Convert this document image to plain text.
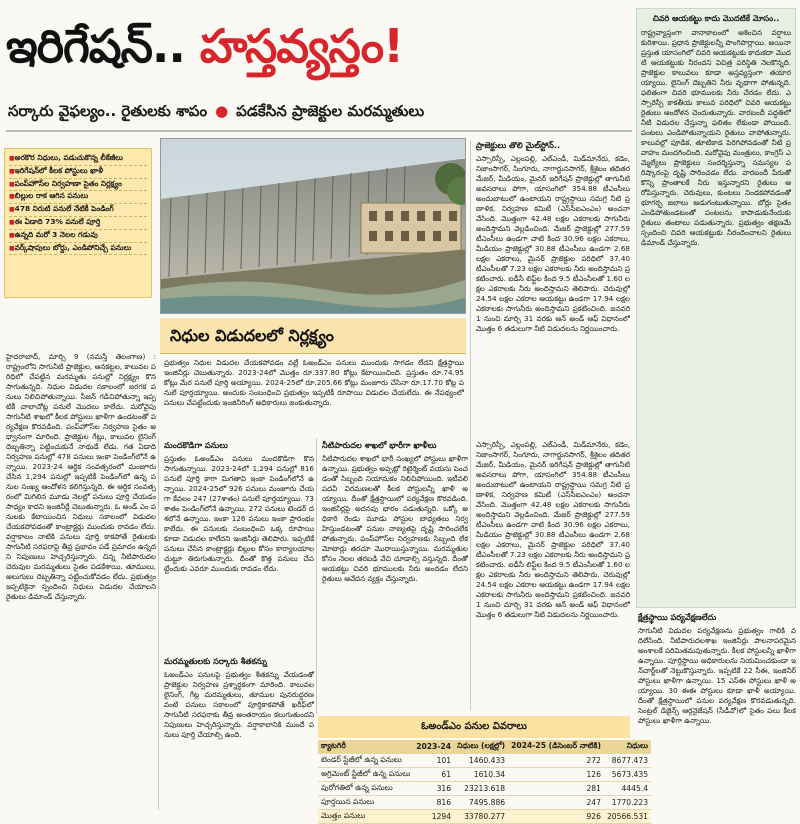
ఇరిగేషన్‌.. హస్తవ్యస్తం!
సర్కారు వైఫల్యం.. రైతులకు శాపం ● పడకేసిన ప్రాజెక్టుల మరమ్మతులు
■ అరకొర నిధులు, పడుచుకొన్న లీకేజీలు
■ ఇరిగేషన్‌లో కీలక పోస్టులు ఖాళీ
■ పంప్‌హౌస్‌ల నిర్వహణా సైతం నిర్లక్ష్యం
■ బిల్లుల రాక ఆగిన పనులు
■ 478 నిరుటి పనులే నేటికీ పెండింగ్‌
■ ఈ ఏడాది 73% పనులే పూర్తి
■ ఉన్నది మరో 3 నెలల గడువు
■ వర్క్‌షాపులు బోర్డు, ఎండిపోనిచ్చే పనులు
నిధుల విడుదలలో నిర్లక్ష్యం
హైదరాబాద్‌, మార్చి 9 (నమస్తే తెలంగాణ) : రాష్ట్రంలోని సాగునీటి ప్రాజెక్టుల, ఆనకట్టల, కాలువల పరిధిలో చేపట్టిన మరమ్మతు పనుల్లో నిర్లక్ష్యం కొనసాగుతున్నది. నిధుల విడుదల సకాలంలో జరగక పనులు నిలిచిపోతున్నాయి. సీజన్‌ గడిచిపోతున్నా ఇప్పటికీ చాలాచోట్ల పనులే మొదలు కాలేదు. మరోవైపు సాగునీటి శాఖలో కీలక పోస్టులు ఖాళీగా ఉండటంతో పర్యవేక్షణ కొరవడింది. పంప్‌హౌస్‌ల నిర్వహణ సైతం అధ్వానంగా మారింది. ప్రాజెక్టుల గేట్లు, కాలువల లైనింగ్‌ దెబ్బతిన్నా పట్టించుకునే నాథుడే లేడు. గత ఏడాది నిర్వహణ పనుల్లో 478 పనులు ఇంకా పెండింగ్‌లోనే ఉన్నాయి. 2023-24 ఆర్థిక సంవత్సరంలో మంజూరు చేసిన 1,294 పనుల్లో ఇప్పటికీ పెండింగ్‌లో ఉన్న పనుల సంఖ్య ఆందోళన కలిగిస్తున్నది. ఈ ఆర్థిక సంవత్సరంలో మిగిలిన మూడు నెలల్లో పనులు పూర్తి చేయడం సాధ్యం కాదని ఇంజినీర్లే చెబుతున్నారు. ఓ అండ్‌ ఎం పనులకు కేటాయించిన నిధులు సకాలంలో విడుదల చేయకపోవడంతో కాంట్రాక్టర్లు ముందుకు రావడం లేదు. వర్షాకాలం నాటికి పనులు పూర్తి కాకపోతే రైతులకు సాగునీటి సరఫరాపై తీవ్ర ప్రభావం పడే ప్రమాదం ఉన్నదని నిపుణులు హెచ్చరిస్తున్నారు. చిన్న నీటిపారుదల చెరువుల మరమ్మతులు సైతం పడకేశాయి. తూములు, అలుగులు దెబ్బతిన్నా పట్టించుకోవడం లేదు. ప్రభుత్వం ఇప్పటికైనా స్పందించి నిధులు విడుదల చేయాలని రైతులు డిమాండ్‌ చేస్తున్నారు.
ప్రభుత్వం నిధుల విడుదల చేయకపోవడం వల్లే ఓఅండ్‌ఎం పనులు ముందుకు సాగడం లేదని క్షేత్రస్థాయి ఇంజినీర్లు చెబుతున్నారు. 2023-24లో మొత్తం రూ.337.80 కోట్లు కేటాయించింది. ప్రస్తుతం రూ.74.95 కోట్లు మేర పనులే పూర్తి అయ్యాయి. 2024-25లో రూ.205.66 కోట్లు మంజూరు చేసినా రూ.17.70 కోట్ల పనులే పూర్తయ్యాయి. అందుకు సంబంధించి ప్రభుత్వం ఇప్పటికీ రూపాయి విడుదల చేయలేదు. ఈ నేపథ్యంలో పనులు చేపట్టేందుకు ఇంజినీరింగ్‌ అధికారులు జంకుతున్నారు.
మందకొడిగా పనులు
ప్రస్తుతం ఓఅండ్‌ఎం పనులు మందకొడిగా కొనసాగుతున్నాయి. 2023-24లో 1,294 పనుల్లో 816 పనులే పూర్తి కాగా మిగతావి ఇంకా పెండింగ్‌లోనే ఉన్నాయి. 2024-25లో 926 పనులు మంజూరు చేయగా కేవలం 247 (27శాతం) పనులే పూర్తయ్యాయి. 73 శాతం పెండింగ్‌లోనే ఉన్నాయి. 272 పనులు టెండర్‌ దశలోనే ఉన్నాయి. ఇంకా 126 పనులు ఇంకా ప్రారంభం కాలేదు. ఈ పనులకు సంబంధించి ఒక్క రూపాయి కూడా విడుదల కాలేదని ఇంజినీర్లు తెలిపారు. ఇప్పటికే పనులు చేసిన కాంట్రాక్టర్లు బిల్లుల కోసం కార్యాలయాల చుట్టూ తిరుగుతున్నారు. దీంతో కొత్త పనులు చేపట్టేందుకు ఎవరూ ముందుకు రావడం లేదు.
మరమ్మతులకు సర్కారు శీతకన్ను
ఓఅండ్‌ఎం పనులపై ప్రభుత్వం శీతకన్ను వేయడంతో ప్రాజెక్టుల నిర్వహణ ప్రశ్నార్థకంగా మారింది. కాలువల లైనింగ్‌, గేట్ల మరమ్మతులు, తూముల పునరుద్ధరణ వంటి పనులు సకాలంలో పూర్తికాకపోతే ఖరీఫ్‌లో సాగునీటి సరఫరాకు తీవ్ర అంతరాయం కలుగుతుందని నిపుణులు హెచ్చరిస్తున్నారు. వర్షాకాలానికి ముందే పనులు పూర్తి చేయాల్సి ఉంది.
ప్రాజెక్టులు తొలి మైల్‌స్టోన్‌..
ఎస్సారెస్పీ, ఎల్లంపల్లి, ఎల్‌ఎండీ, మిడ్‌మానేరు, కడెం, నిజాంసాగర్‌, సింగూరు, నాగార్జునసాగర్‌, శ్రీశైలం తదితర మేజర్‌, మీడియం, మైనర్‌ ఇరిగేషన్‌ ప్రాజెక్టుల్లో తాగునీటి అవసరాలు పోగా, యాసంగిలో 354.88 టీఎంసీలు అందుబాటులో ఉంటాయని రాష్ట్రస్థాయి సమగ్ర నీటి ప్రణాళిక, నిర్వహణ కమిటీ (ఎస్‌సీఐఎంఎం) అంచనా వేసింది. మొత్తంగా 42.48 లక్షల ఎకరాలకు సాగునీరు అందిస్తామని వెల్లడించింది. మేజర్‌ ప్రాజెక్టుల్లో 277.59 టీఎంసీలు ఉండగా వాటి కింద 30.96 లక్షల ఎకరాలు, మీడియం ప్రాజెక్టుల్లో 30.88 టీఎంసీలు ఉండగా 2.68 లక్షల ఎకరాలు, మైనర్‌ ప్రాజెక్టుల పరిధిలో 37.40 టీఎంసీలతో 7.23 లక్షల ఎకరాలకు నీరు అందిస్తామని ప్రకటించారు. ఐడీసీ లిఫ్ట్‌ల కింద 9.5 టీఎంసీలతో 1.60 లక్షల ఎకరాలకు నీరు అందిస్తామని తెలిపారు. చెరువుల్లో 24.54 లక్షల ఎకరాల ఆయకట్టు ఉండగా 17.94 లక్షల ఎకరాలకు సాగునీరు అందిస్తామని ప్రకటించింది. జనవరి 1 నుంచి మార్చి 31 వరకు ఆన్‌ అండ్‌ ఆఫ్‌ విధానంలో మొత్తం 6 తడులుగా నీటి విడుదలను నిర్ణయించారు.
నీటిపారుదల శాఖలో భారీగా ఖాళీలు
నీటిపారుదల శాఖలో భారీ సంఖ్యలో పోస్టులు ఖాళీగా ఉన్నాయి. ప్రభుత్వం అప్పట్లో రిటైర్మెంట్‌ వయసు పెంచడంతో సిబ్బంది నియామకం నిలిచిపోయింది. ఇటీవలి పదవీ విరమణలతో కీలక పోస్టులన్నీ ఖాళీ అయ్యాయి. దీంతో క్షేత్రస్థాయిలో పర్యవేక్షణ కొరవడింది. ఇంజినీర్లపై అదనపు భారం పడుతున్నది. ఒక్కో అధికారి రెండు మూడు పోస్టుల బాధ్యతలు నిర్వహిస్తుండటంతో పనుల నాణ్యతపై దృష్టి సారించలేకపోతున్నారు. పంప్‌హౌస్‌ల నిర్వహణకు సిబ్బంది లేక మోటార్లు తరచూ మొరాయిస్తున్నాయి. మరమ్మతుల కోసం నెలల తరబడి వేచి చూడాల్సి వస్తున్నది. దీంతో ఆయకట్టు చివరి భూములకు నీరు అందడం లేదని రైతులు ఆవేదన వ్యక్తం చేస్తున్నారు.
ఎస్సారెస్పీ, ఎల్లంపల్లి, ఎల్‌ఎండీ, మిడ్‌మానేరు, కడెం, నిజాంసాగర్‌, సింగూరు, నాగార్జునసాగర్‌, శ్రీశైలం తదితర మేజర్‌, మీడియం, మైనర్‌ ఇరిగేషన్‌ ప్రాజెక్టుల్లో తాగునీటి అవసరాలు పోగా, యాసంగిలో 354.88 టీఎంసీలు అందుబాటులో ఉంటాయని రాష్ట్రస్థాయి సమగ్ర నీటి ప్రణాళిక, నిర్వహణ కమిటీ (ఎస్‌సీఐఎంఎం) అంచనా వేసింది. మొత్తంగా 42.48 లక్షల ఎకరాలకు సాగునీరు అందిస్తామని వెల్లడించింది. మేజర్‌ ప్రాజెక్టుల్లో 277.59 టీఎంసీలు ఉండగా వాటి కింద 30.96 లక్షల ఎకరాలు, మీడియం ప్రాజెక్టుల్లో 30.88 టీఎంసీలు ఉండగా 2.68 లక్షల ఎకరాలు, మైనర్‌ ప్రాజెక్టుల పరిధిలో 37.40 టీఎంసీలతో 7.23 లక్షల ఎకరాలకు నీరు అందిస్తామని ప్రకటించారు. ఐడీసీ లిఫ్ట్‌ల కింద 9.5 టీఎంసీలతో 1.60 లక్షల ఎకరాలకు నీరు అందిస్తామని తెలిపారు. చెరువుల్లో 24.54 లక్షల ఎకరాల ఆయకట్టు ఉండగా 17.94 లక్షల ఎకరాలకు సాగునీరు అందిస్తామని ప్రకటించింది. జనవరి 1 నుంచి మార్చి 31 వరకు ఆన్‌ అండ్‌ ఆఫ్‌ విధానంలో మొత్తం 6 తడులుగా నీటి విడుదలను నిర్ణయించారు.
చివరి ఆయకట్టు కాదు మొదటికే మోసం..
రాష్ట్రవ్యాప్తంగా వానాకాలంలో ఆశించిన వర్షాలు కురిశాయి. ప్రధాన ప్రాజెక్టులన్నీ పొంగిపొర్లాయి. అయినా ప్రస్తుత యాసంగిలో చివరి ఆయకట్టుకు కాదుకదా మొదటి ఆయకట్టుకు నీరందని విచిత్ర పరిస్థితి నెలకొన్నది. ప్రాజెక్టుల కాలువలు కూడా అస్తవ్యస్తంగా తయారయ్యాయి. లైనింగ్‌ దెబ్బతిని నీరు వృథాగా పోతున్నది. ఫలితంగా చివరి భూములకు నీరు చేరడం లేదు. ఎస్సారెస్పీ కాకతీయ కాలువ పరిధిలో చివరి ఆయకట్టు రైతులు ఆందోళన చెందుతున్నారు. వారబందీ పద్ధతిలో నీటి విడుదల చేస్తున్నా ఫలితం లేకుండా పోయింది. పంటలు ఎండిపోతున్నాయని రైతులు వాపోతున్నారు. కాలువల్లో పూడిక, తూటికాడ పెరిగిపోవడంతో నీటి ప్రవాహం మందగించింది. మరోవైపు మంత్రులు, కాంగ్రెస్‌ ఎమ్మెల్యేలు ప్రాజెక్టులు సందర్శిస్తున్నా సమస్యల పరిష్కారంపై దృష్టి సారించడం లేదు. వారబందీ పేరుతో కొన్ని ప్రాంతాలకే నీరు ఇస్తున్నారని రైతులు ఆరోపిస్తున్నారు. చెరువులు, కుంటలు నిండకపోవడంతో భూగర్భ జలాలు అడుగంటుతున్నాయి. బోర్లు సైతం ఎండిపోతుండటంతో పంటలను కాపాడుకునేందుకు రైతులు తంటాలు పడుతున్నారు. ప్రభుత్వం తక్షణమే స్పందించి చివరి ఆయకట్టుకు నీరందించాలని రైతులు డిమాండ్‌ చేస్తున్నారు.
క్షేత్రస్థాయి పర్యవేక్షణలేదు
సాగునీటి విడుదల పర్యవేక్షణను ప్రభుత్వం గాలికి వదిలేసింది. నీటిపారుదలశాఖ ఇంజినీర్లు పాలనాపరమైన అంశాలకే పరిమితమవుతున్నారు. కీలక పోస్టులన్నీ ఖాళీగా ఉన్నాయి. పూర్తిస్థాయి అధికారులను నియమించకుండా ఇన్‌చార్జ్‌లతో నెట్టుకొస్తున్నారు. ఇప్పటికే 22 సీఈ, ఇంజినీర్‌ పోస్టులు ఖాళీగా ఉన్నాయి. 15 ఎస్‌ఈ పోస్టులు ఖాళీ అయ్యాయి. 30 ఈఈ పోస్టులు కూడా ఖాళీ అయ్యాయి. దీంతో క్షేత్రస్థాయిలో పనుల పర్యవేక్షణ కొరవడుతున్నది. సెంట్రల్‌ డిజైన్స్‌ ఆర్గనైజేషన్‌ (సీడీవో)లో సైతం పలు కీలక పోస్టులు ఖాళీగా ఉన్నాయి.
ఓఅండ్‌ఎం పనుల వివరాలు
క్యాటగిరీ	2023-24	నిధులు (లక్షల్లో)	2024-25 (డిసెంబర్‌ నాటికి)	నిధులు
టెండర్‌ స్టేజీలో ఉన్న పనులు	101	1460.433	272	8677.473
అగ్రిమెంట్‌ స్టేజీలో ఉన్న పనులు	61	1610.34	126	5673.435
పురోగతిలో ఉన్న పనులు	316	23213.618	281	4445.4
పూర్తయిన పనులు	816	7495.886	247	1770.223
మొత్తం పనులు	1294	33780.277	926	20566.531
